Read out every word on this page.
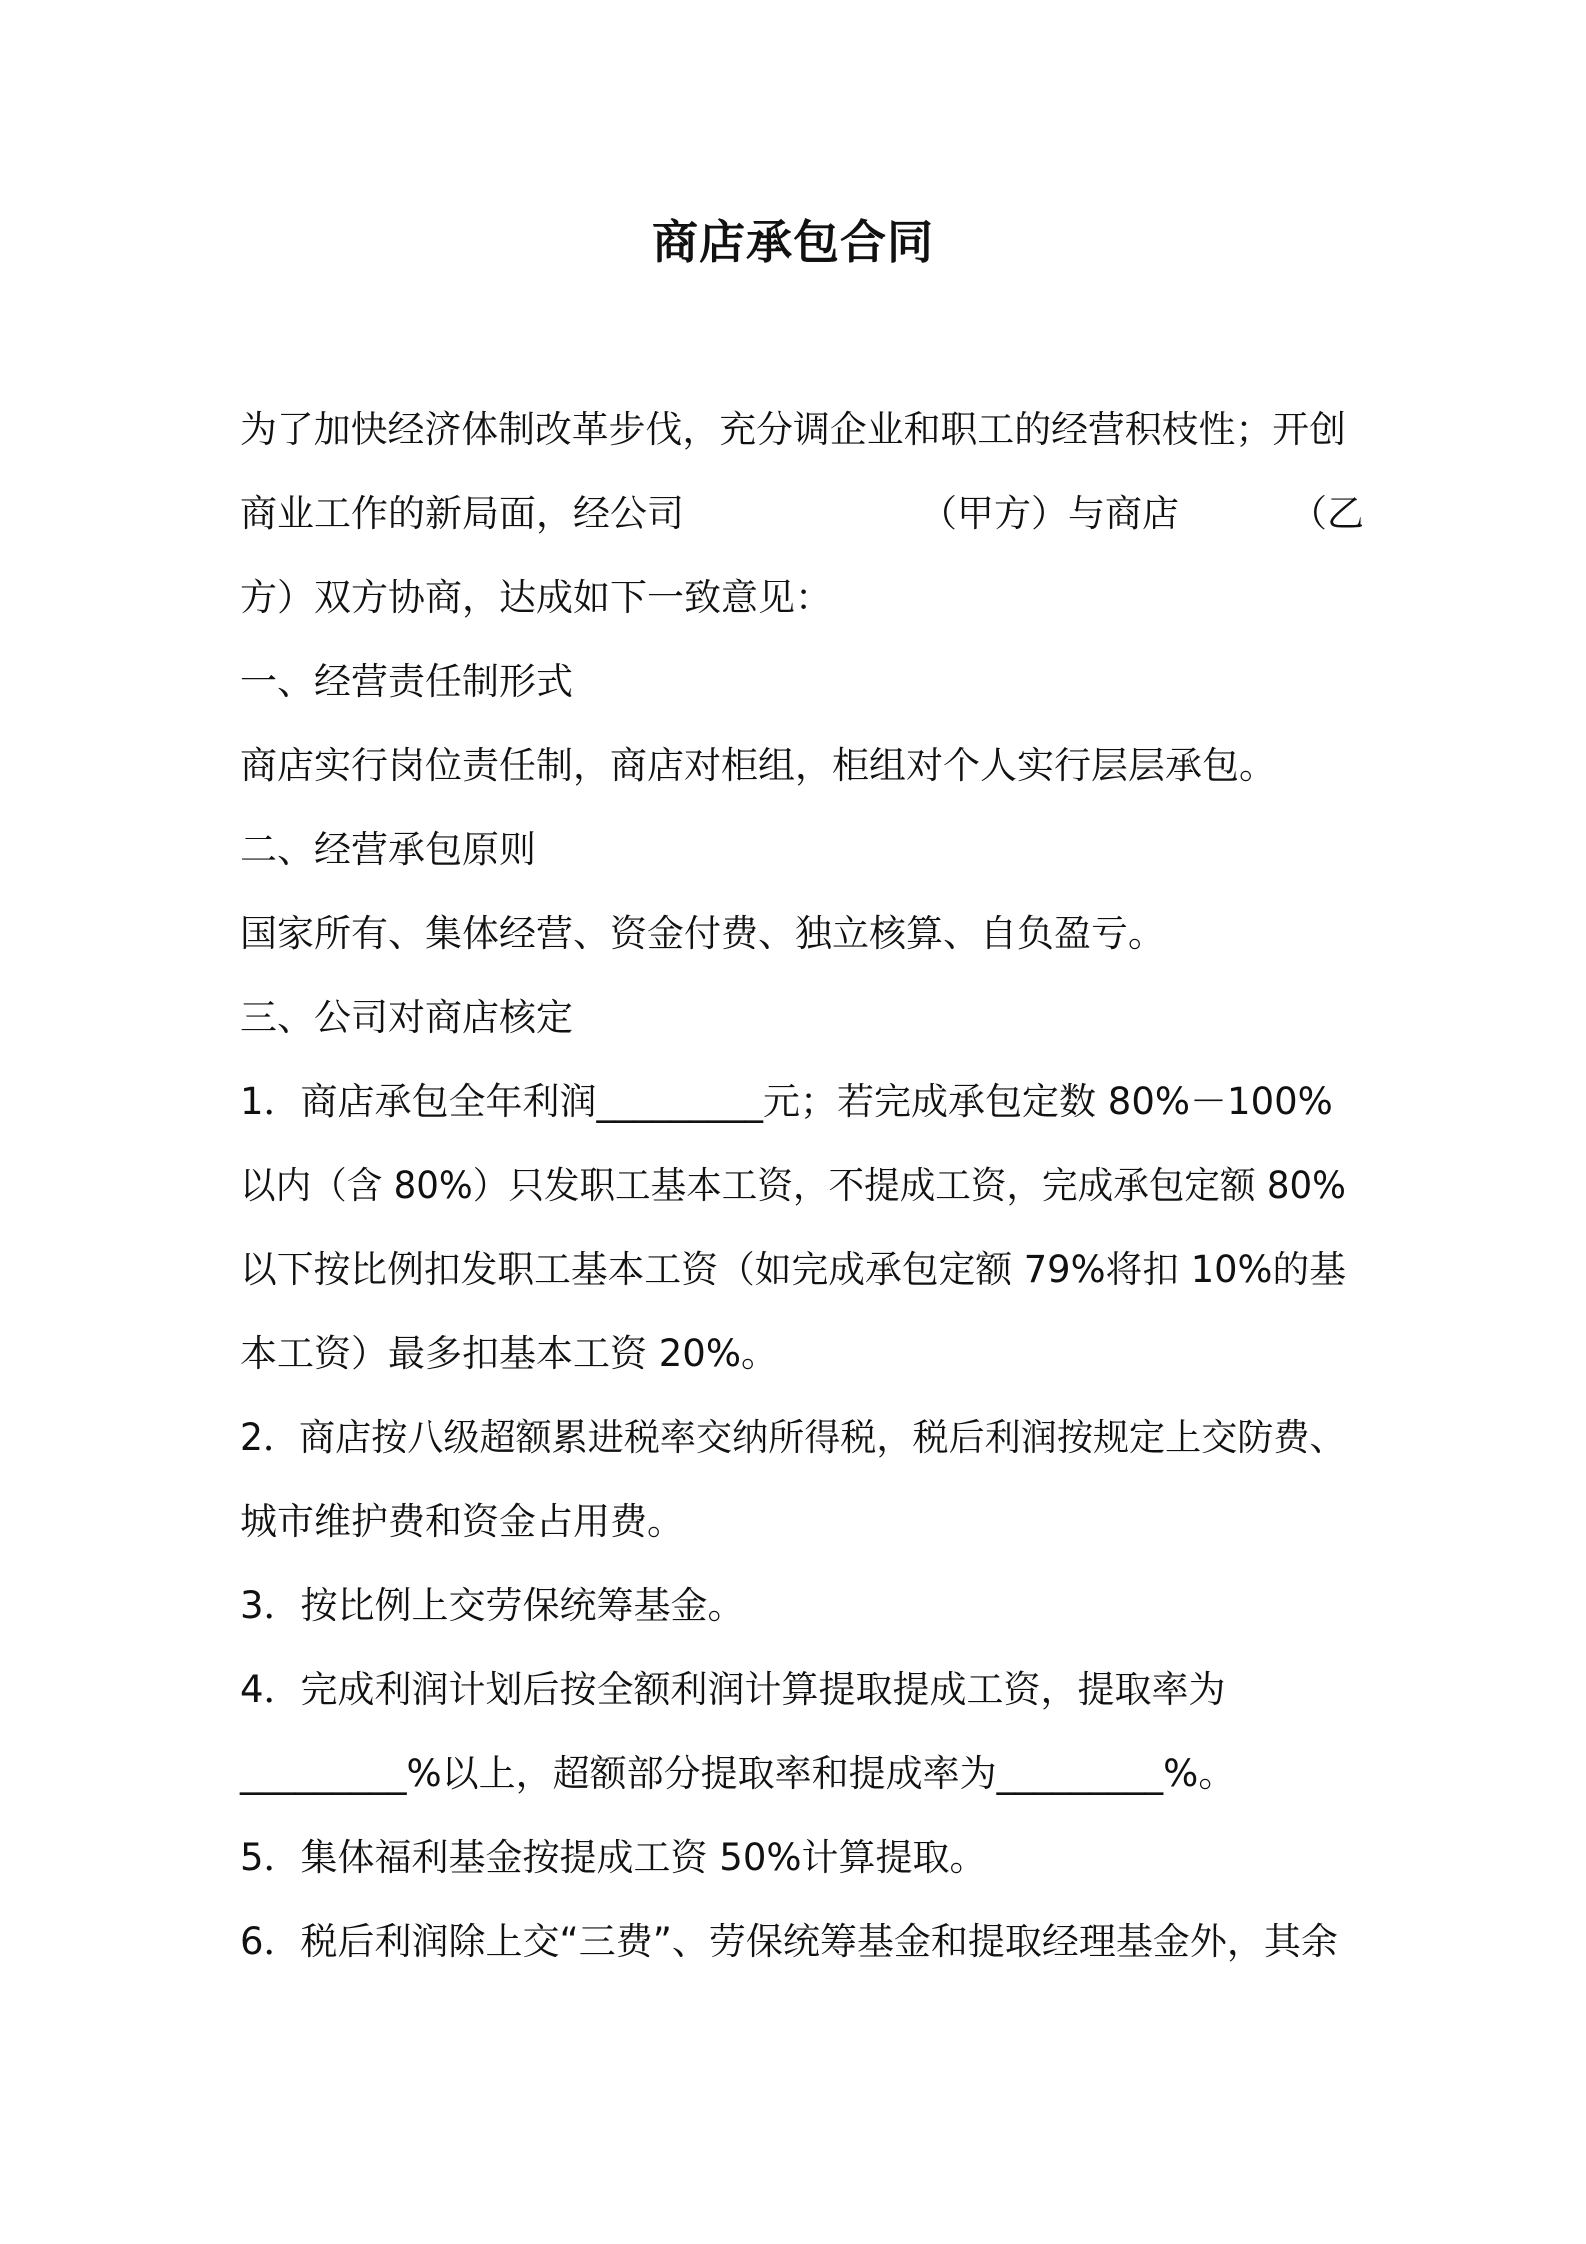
商店承包合同
为了加快经济体制改革步伐，充分调企业和职工的经营积枝性；开创
商业工作的新局面，经公司	（甲方）与商店	（乙
方）双方协商，达成如下一致意见：
一、经营责任制形式
商店实行岗位责任制，商店对柜组，柜组对个人实行层层承包。
二、经营承包原则
国家所有、集体经营、资金付费、独立核算、自负盈亏。
三、公司对商店核定
1．商店承包全年利润_________元；若完成承包定数 80%－100%
以内（含 80%）只发职工基本工资，不提成工资，完成承包定额 80%
以下按比例扣发职工基本工资（如完成承包定额 79%将扣 10%的基
本工资）最多扣基本工资 20%。
2．商店按八级超额累进税率交纳所得税，税后利润按规定上交防费、
城市维护费和资金占用费。
3．按比例上交劳保统筹基金。
4．完成利润计划后按全额利润计算提取提成工资，提取率为
_________%以上，超额部分提取率和提成率为_________%。
5．集体福利基金按提成工资 50%计算提取。
6．税后利润除上交“三费”、劳保统筹基金和提取经理基金外，其余
